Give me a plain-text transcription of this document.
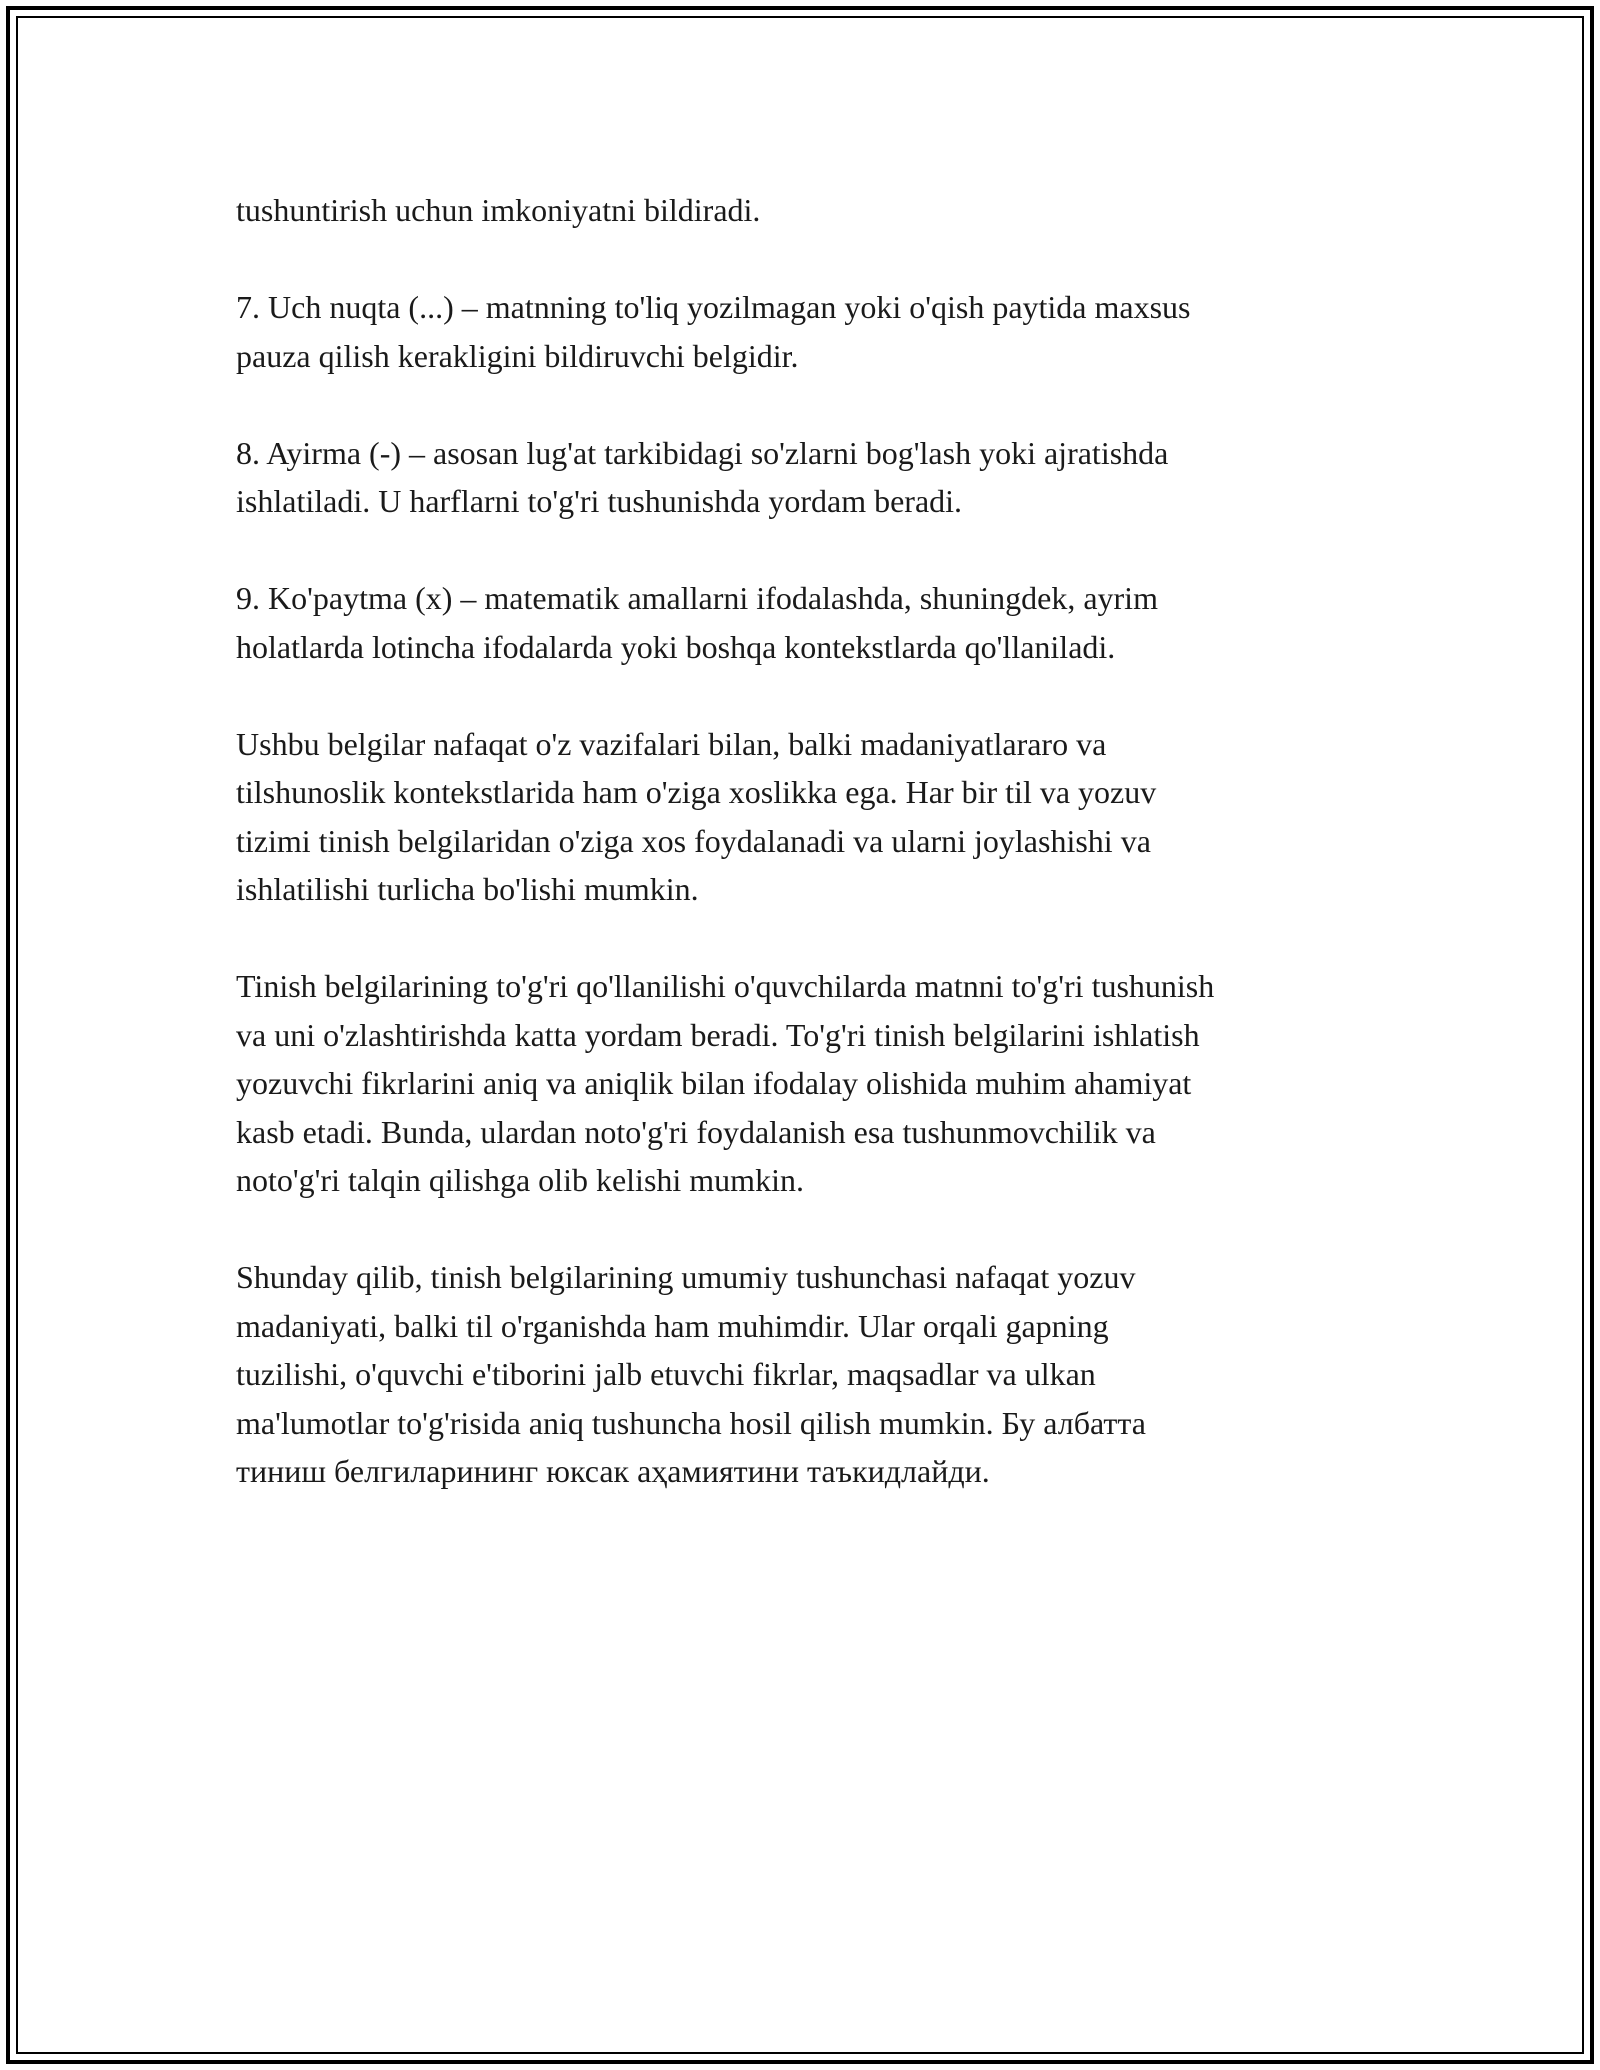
tushuntirish uchun imkoniyatni bildiradi.

7. Uch nuqta (...) – matnning to'liq yozilmagan yoki o'qish paytida maxsus
pauza qilish kerakligini bildiruvchi belgidir.

8. Ayirma (-) – asosan lug'at tarkibidagi so'zlarni bog'lash yoki ajratishda
ishlatiladi. U harflarni to'g'ri tushunishda yordam beradi.

9. Ko'paytma (x) – matematik amallarni ifodalashda, shuningdek, ayrim
holatlarda lotincha ifodalarda yoki boshqa kontekstlarda qo'llaniladi.

Ushbu belgilar nafaqat o'z vazifalari bilan, balki madaniyatlararo va
tilshunoslik kontekstlarida ham o'ziga xoslikka ega. Har bir til va yozuv
tizimi tinish belgilaridan o'ziga xos foydalanadi va ularni joylashishi va
ishlatilishi turlicha bo'lishi mumkin.

Tinish belgilarining to'g'ri qo'llanilishi o'quvchilarda matnni to'g'ri tushunish
va uni o'zlashtirishda katta yordam beradi. To'g'ri tinish belgilarini ishlatish
yozuvchi fikrlarini aniq va aniqlik bilan ifodalay olishida muhim ahamiyat
kasb etadi. Bunda, ulardan noto'g'ri foydalanish esa tushunmovchilik va
noto'g'ri talqin qilishga olib kelishi mumkin.

Shunday qilib, tinish belgilarining umumiy tushunchasi nafaqat yozuv
madaniyati, balki til o'rganishda ham muhimdir. Ular orqali gapning
tuzilishi, o'quvchi e'tiborini jalb etuvchi fikrlar, maqsadlar va ulkan
ma'lumotlar to'g'risida aniq tushuncha hosil qilish mumkin. Бу албатта
тиниш белгиларининг юксак аҳамиятини таъкидлайди.
